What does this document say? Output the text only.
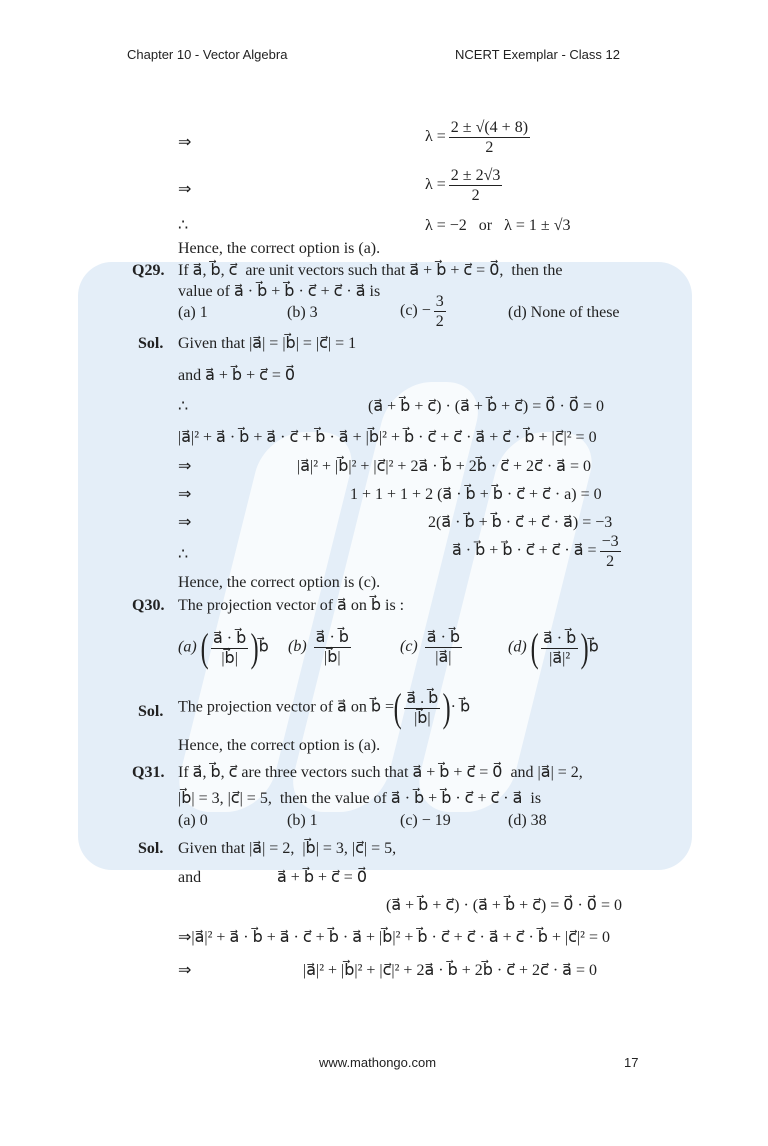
Chapter 10 - Vector Algebra	NCERT Exemplar - Class 12
⇒	$\lambda = \frac{2 \pm √(4 + 8)}{2}$
⇒	$\lambda = \frac{2 \pm 2√3}{2}$
∴	λ = −2   or   λ = 1 ± √3
Hence, the correct option is (a).
Q29. If a⃗, b⃗, c⃗  are unit vectors such that a⃗ + b⃗ + c⃗ = 0⃗,  then the
value of a⃗ · b⃗ + b⃗ · c⃗ + c⃗ · a⃗ is
(a) 1	(b) 3	$(c) - \frac{3}{2}$	(d) None of these
Sol. Given that |a⃗| = |b⃗| = |c⃗| = 1
and a⃗ + b⃗ + c⃗ = 0⃗
∴	(a⃗ + b⃗ + c⃗) · (a⃗ + b⃗ + c⃗) = 0⃗ · 0⃗ = 0
|a⃗|² + a⃗ · b⃗ + a⃗ · c⃗ + b⃗ · a⃗ + |b⃗|² + b⃗ · c⃗ + c⃗ · a⃗ + c⃗ · b⃗ + |c⃗|² = 0
⇒	|a⃗|² + |b⃗|² + |c⃗|² + 2a⃗ · b⃗ + 2b⃗ · c⃗ + 2c⃗ · a⃗ = 0
⇒	1 + 1 + 1 + 2 (a⃗ · b⃗ + b⃗ · c⃗ + c⃗ · a) = 0
⇒	2(a⃗ · b⃗ + b⃗ · c⃗ + c⃗ · a⃗) = −3
∴	a⃗ · b⃗ + b⃗ · c⃗ + c⃗ · a⃗ = $\frac{-3}{2}$
Hence, the correct option is (c).
Q30. The projection vector of a⃗ on b⃗ is :
(a) ( $\frac{a⃗ \cdot b⃗}{|b⃗|}$ ) b⃗ $(b) \frac{a⃗ \cdot b⃗}{|b⃗|}$	$(c) \frac{a⃗ \cdot b⃗}{|a⃗|}$	(d) ( $\frac{a⃗ \cdot b⃗}{\text{|a⃗|²}}$ ) b⃗
Sol. The projection vector of a⃗ on b⃗ = ( $\frac{a⃗ . b⃗}{|b⃗|}$ ) · b⃗
Hence, the correct option is (a).
Q31. If a⃗, b⃗, c⃗ are three vectors such that a⃗ + b⃗ + c⃗ = 0⃗  and |a⃗| = 2,
|b⃗| = 3, |c⃗| = 5,  then the value of a⃗ · b⃗ + b⃗ · c⃗ + c⃗ · a⃗  is
(a) 0	(b) 1	(c) − 19	(d) 38
Sol. Given that |a⃗| = 2,  |b⃗| = 3, |c⃗| = 5,
and	a⃗ + b⃗ + c⃗ = 0⃗
(a⃗ + b⃗ + c⃗) · (a⃗ + b⃗ + c⃗) = 0⃗ · 0⃗ = 0
⇒|a⃗|² + a⃗ · b⃗ + a⃗ · c⃗ + b⃗ · a⃗ + |b⃗|² + b⃗ · c⃗ + c⃗ · a⃗ + c⃗ · b⃗ + |c⃗|² = 0
⇒	|a⃗|² + |b⃗|² + |c⃗|² + 2a⃗ · b⃗ + 2b⃗ · c⃗ + 2c⃗ · a⃗ = 0
www.mathongo.com	17
